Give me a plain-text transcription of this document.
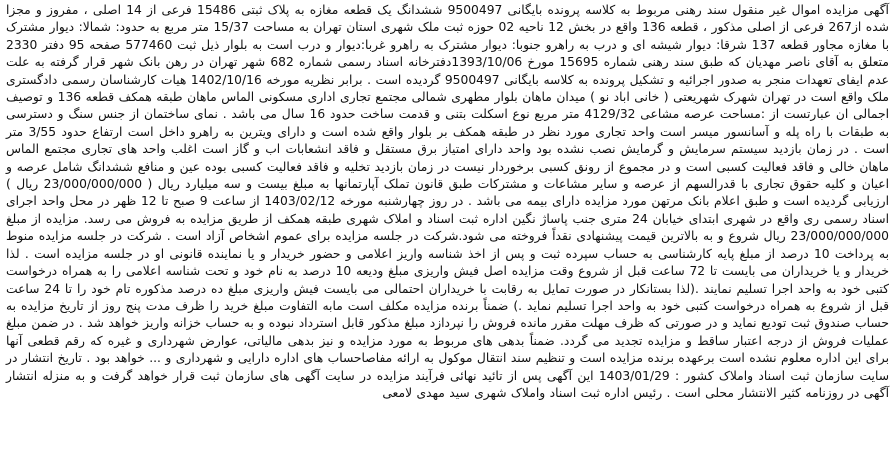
آگهی مزایده اموال غیر منقول سند رهنی مربوط به کلاسه پرونده بایگانی 9500497 ششدانگ یک قطعه مغازه به پلاک ثبتی 15486 فرعی از 14 اصلی ، مفروز و مجزا شده از267 فرعی از اصلی مذکور ، قطعه 136 واقع در بخش 12 ناحیه 02 حوزه ثبت ملک شهری استان تهران به مساحت 15/37 متر مربع به حدود: شمالا: دیوار مشترک با مغازه مجاور قطعه 137 شرقا: دیوار شیشه ای و درب به راهرو جنوبا: دیوار مشترک به راهرو غربا:دیوار و درب است به بلوار ذیل ثبت 577460 صفحه 95 دفتر 2330 متعلق به آقای ناصر مهدیان که طبق سند رهنی شماره 15695 مورخ 1393/10/06دفترخانه اسناد رسمی شماره 682 شهر تهران در رهن بانک شهر قرار گرفته به علت عدم ایفای تعهدات منجر به صدور اجرائیه و تشکیل پرونده به کلاسه بایگانی 9500497 گردیده است . برابر نظریه مورخه 1402/10/16 هیات کارشناسان رسمی دادگستری ملک واقع است در تهران شهرک شهریعتی ( خانی اباد نو ) میدان ماهان بلوار مطهری شمالی مجتمع تجاری اداری مسکونی الماس ماهان طبقه همکف قطعه 136 و توصیف اجمالی ان عبارتست از :مساحت عرصه مشاعی 4129/32 متر مربع نوع اسکلت بتنی و قدمت ساخت حدود 16 سال می باشد . نمای ساختمان از جنس سنگ و دسترسی به طبقات با راه پله و آسانسور میسر است واحد تجاری مورد نظر در طبقه همکف بر بلوار واقع شده است و دارای ویترین به راهرو داخل است ارتفاع حدود 3/55 متر است . در زمان بازدید سیستم سرمایش و گرمایش نصب نشده بود واحد دارای امتیاز برق مستقل و فاقد انشعابات اب و گاز است اغلب واحد های تجاری مجتمع الماس ماهان خالی و فاقد فعالیت کسبی است و در مجموع از رونق کسبی برخوردار نیست در زمان بازدید تخلیه و فاقد فعالیت کسبی بوده عین و منافع ششدانگ شامل عرصه و اعیان و کلیه حقوق تجاری با قدرالسهم از عرصه و سایر مشاعات و مشترکات طبق قانون تملک آپارتمانها به مبلغ بیست و سه میلیارد ریال ( 23/000/000/000 ریال ) ارزیابی گردیده است و طبق اعلام بانک مرتهن مورد مزایده دارای بیمه می باشد . در روز چهارشنبه مورخه 1403/02/12 از ساعت 9 صبح تا 12 ظهر در محل واحد اجرای اسناد رسمی ری واقع در شهری ابتدای خیابان 24 متری جنب پاساژ نگین اداره ثبت اسناد و املاک شهری طبقه همکف از طریق مزایده به فروش می رسد. مزایده از مبلغ 23/000/000/000 ریال شروع و به بالاترین قیمت پیشنهادی نقداً فروخته می شود.شرکت در جلسه مزایده برای عموم اشخاص آزاد است . شرکت در جلسه مزایده منوط به پرداخت 10 درصد از مبلغ پایه کارشناسی به حساب سپرده ثبت و پس از اخذ شناسه واریز اعلامی و حضور خریدار و یا نماینده قانونی او در جلسه مزایده است . لذا خریدار و یا خریداران می بایست تا 72 ساعت قبل از شروع وقت مزایده اصل فیش واریزی مبلغ ودیعه 10 درصد به نام خود و تحت شناسه اعلامی را به همراه درخواست کتبی خود به واحد اجرا تسلیم نمایند .(لذا بستانکار در صورت تمایل به رقابت با خریداران احتمالی می بایست فیش واریزی مبلغ ده درصد مذکوره تام خود را تا 24 ساعت قبل از شروع به همراه درخواست کتبی خود به واحد اجرا تسلیم نماید .) ضمناً برنده مزایده مکلف است مابه التفاوت مبلغ خرید را ظرف مدت پنج روز از تاریخ مزایده به حساب صندوق ثبت تودیع نماید و در صورتی که ظرف مهلت مقرر مانده فروش را نپردازد مبلغ مذکور قابل استرداد نبوده و به حساب خزانه واریز خواهد شد . در ضمن مبلغ عملیات فروش از درجه اعتبار ساقط و مزایده تجدید می گردد. ضمناً بدهی های مربوط به مورد مزایده و نیز بدهی مالیاتی، عوارض شهرداری و غیره که رقم قطعی آنها برای این اداره معلوم نشده است برعهده برنده مزایده است و تنظیم سند انتقال موکول به ارائه مفاصاحساب های اداره دارایی و شهرداری و ... خواهد بود . تاریخ انتشار در سایت سازمان ثبت اسناد واملاک کشور : 1403/01/29 این آگهی پس از تائید نهائی فرآیند مزایده در سایت آگهی های سازمان ثبت قرار خواهد گرفت و به منزله انتشار آگهی در روزنامه کثیر الانتشار محلی است . رئیس اداره ثبت اسناد واملاک شهری سید مهدی لامعی
